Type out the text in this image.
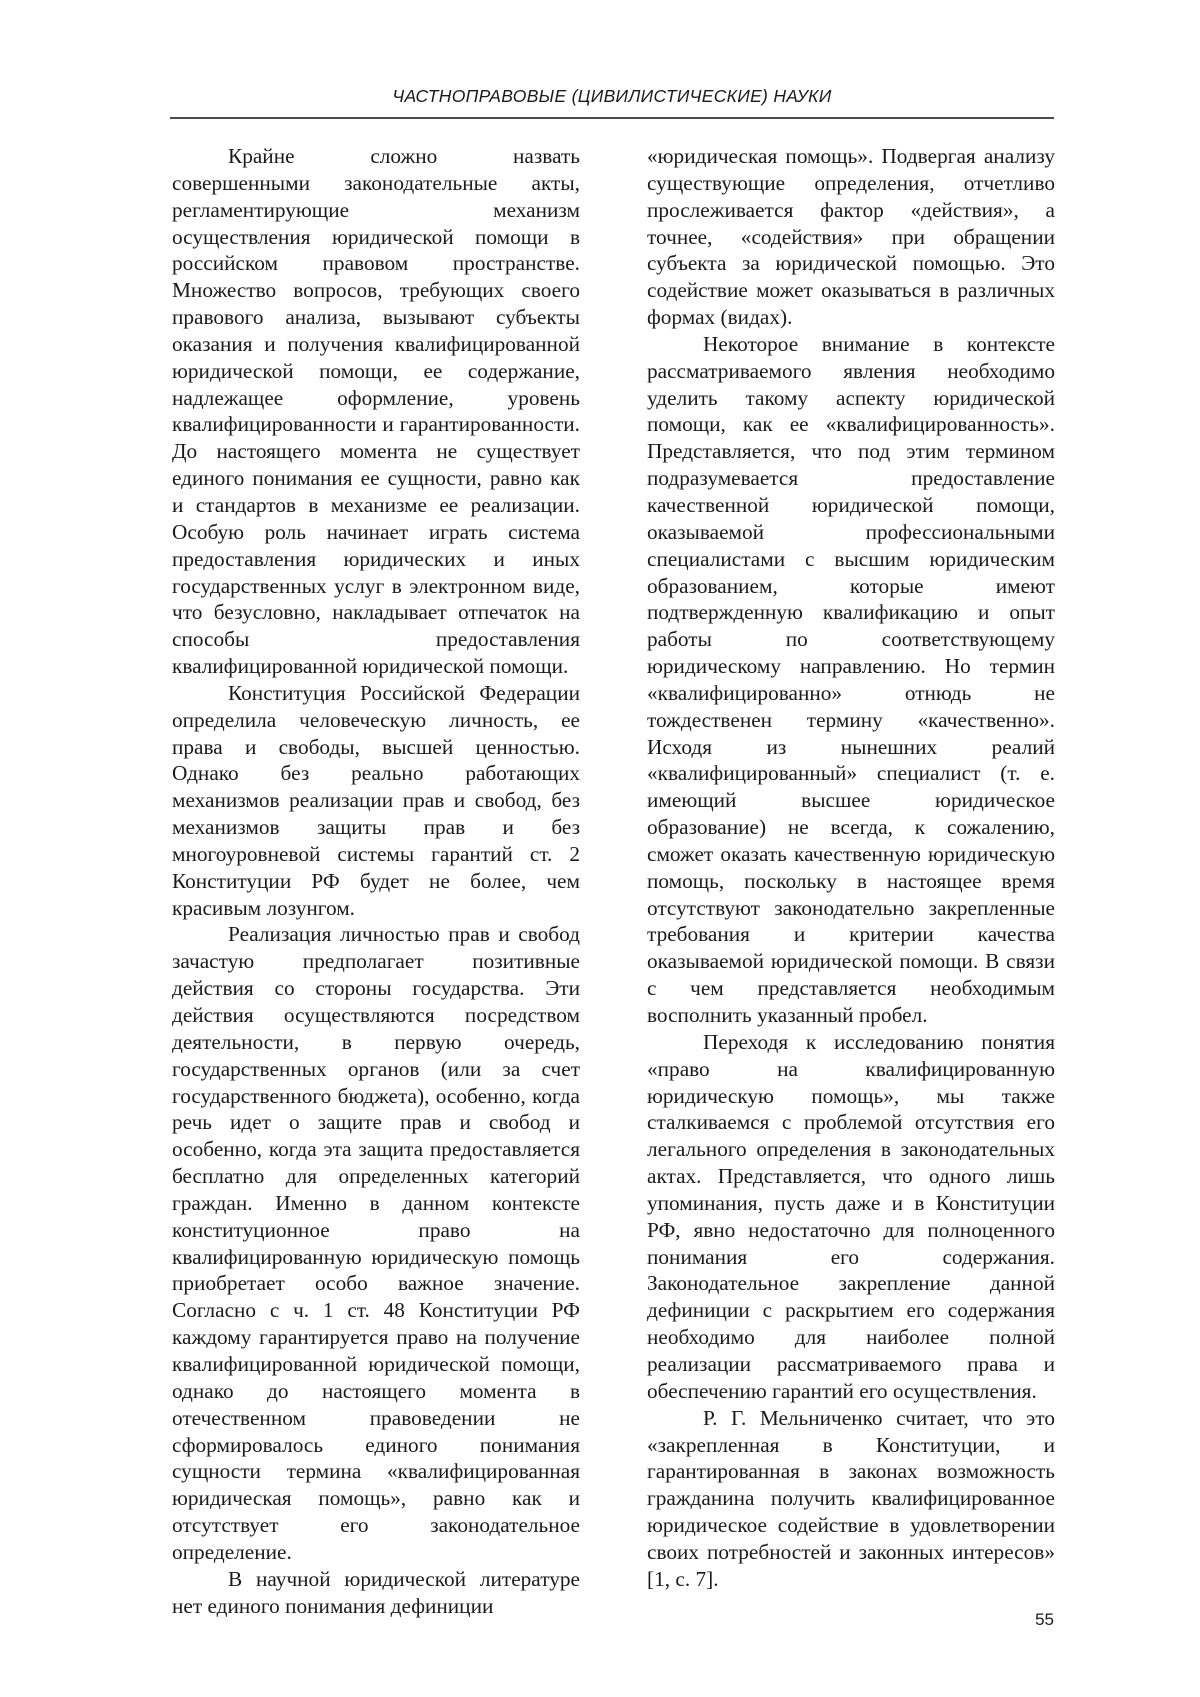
ЧАСТНОПРАВОВЫЕ (ЦИВИЛИСТИЧЕСКИЕ) НАУКИ

Крайне сложно назвать совершенными законодательные акты, регламентирующие механизм осуществления юридической помощи в российском правовом пространстве. Множество вопросов, требующих своего правового анализа, вызывают субъекты оказания и получения квалифицированной юридической помощи, ее содержание, надлежащее оформление, уровень квалифицированности и гарантированности. До настоящего момента не существует единого понимания ее сущности, равно как и стандартов в механизме ее реализации. Особую роль начинает играть система предоставления юридических и иных государственных услуг в электронном виде, что безусловно, накладывает отпечаток на способы предоставления квалифицированной юридической помощи.

Конституция Российской Федерации определила человеческую личность, ее права и свободы, высшей ценностью. Однако без реально работающих механизмов реализации прав и свобод, без механизмов защиты прав и без многоуровневой системы гарантий ст. 2 Конституции РФ будет не более, чем красивым лозунгом.

Реализация личностью прав и свобод зачастую предполагает позитивные действия со стороны государства. Эти действия осуществляются посредством деятельности, в первую очередь, государственных органов (или за счет государственного бюджета), особенно, когда речь идет о защите прав и свобод и особенно, когда эта защита предоставляется бесплатно для определенных категорий граждан. Именно в данном контексте конституционное право на квалифицированную юридическую помощь приобретает особо важное значение. Согласно с ч. 1 ст. 48 Конституции РФ каждому гарантируется право на получение квалифицированной юридической помощи, однако до настоящего момента в отечественном правоведении не сформировалось единого понимания сущности термина «квалифицированная юридическая помощь», равно как и отсутствует его законодательное определение.

В научной юридической литературе нет единого понимания дефиниции

«юридическая помощь». Подвергая анализу существующие определения, отчетливо прослеживается фактор «действия», а точнее, «содействия» при обращении субъекта за юридической помощью. Это содействие может оказываться в различных формах (видах).

Некоторое внимание в контексте рассматриваемого явления необходимо уделить такому аспекту юридической помощи, как ее «квалифицированность». Представляется, что под этим термином подразумевается предоставление качественной юридической помощи, оказываемой профессиональными специалистами с высшим юридическим образованием, которые имеют подтвержденную квалификацию и опыт работы по соответствующему юридическому направлению. Но термин «квалифицированно» отнюдь не тождественен термину «качественно». Исходя из нынешних реалий «квалифицированный» специалист (т. е. имеющий высшее юридическое образование) не всегда, к сожалению, сможет оказать качественную юридическую помощь, поскольку в настоящее время отсутствуют законодательно закрепленные требования и критерии качества оказываемой юридической помощи. В связи с чем представляется необходимым восполнить указанный пробел.

Переходя к исследованию понятия «право на квалифицированную юридическую помощь», мы также сталкиваемся с проблемой отсутствия его легального определения в законодательных актах. Представляется, что одного лишь упоминания, пусть даже и в Конституции РФ, явно недостаточно для полноценного понимания его содержания. Законодательное закрепление данной дефиниции с раскрытием его содержания необходимо для наиболее полной реализации рассматриваемого права и обеспечению гарантий его осуществления.

Р. Г. Мельниченко считает, что это «закрепленная в Конституции, и гарантированная в законах возможность гражданина получить квалифицированное юридическое содействие в удовлетворении своих потребностей и законных интересов» [1, с. 7].

55
